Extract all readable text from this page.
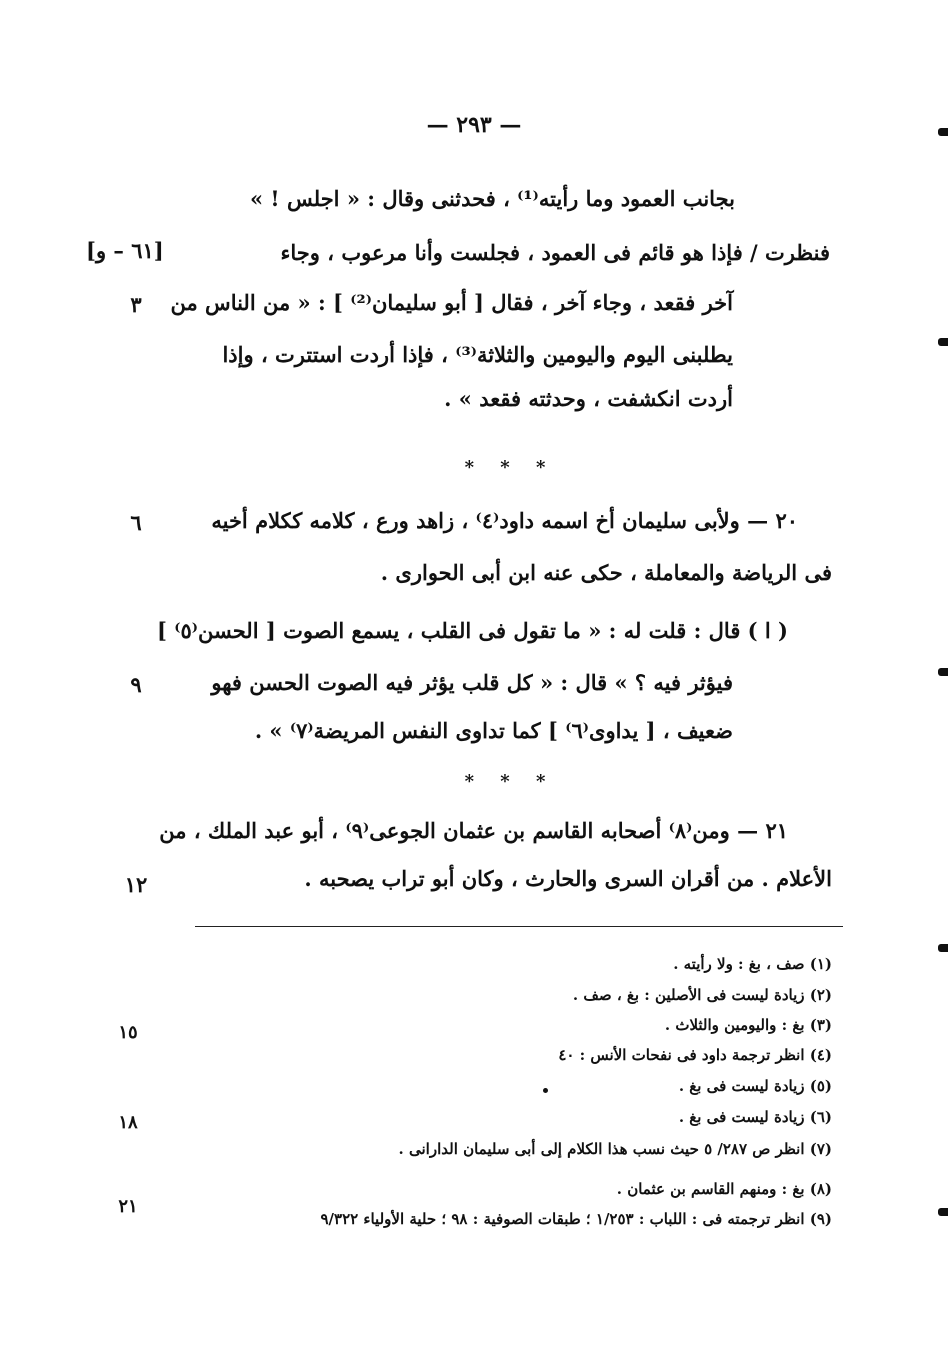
— ٢٩٣ —
بجانب العمود وما رأيته⁽¹⁾ ، فحدثنى وقال : « اجلس ! »
فنظرت / فإذا هو قائم فى العمود ، فجلست وأنا مرعوب ، وجاء
[٦١ – و]
آخر فقعد ، وجاء آخر ، فقال [ أبو سليمان⁽²⁾ ] : « من الناس من
٣
يطلبنى اليوم واليومين والثلاثة⁽³⁾ ، فإذا أردت استترت ، وإذا
أردت انكشفت ، وحدثته فقعد » .
* * *
٢٠ — ولأبى سليمان أخ اسمه داود⁽٤⁾ ، زاهد ورع ، كلامه ككلام أخيه
٦
فى الرياضة والمعاملة ، حكى عنه ابن أبى الحوارى .
( ا ) قال : قلت له : « ما تقول فى القلب ، يسمع الصوت [ الحسن⁽٥⁾ ]
فيؤثر فيه ؟ » قال : « كل قلب يؤثر فيه الصوت الحسن فهو
٩
ضعيف ، [ يداوى⁽٦⁾ ] كما تداوى النفس المريضة⁽٧⁾ » .
* * *
٢١ — ومن⁽٨⁾ أصحابه القاسم بن عثمان الجوعى⁽٩⁾ ، أبو عبد الملك ، من
الأعلام . من أقران السرى والحارث ، وكان أبو تراب يصحبه .
١٢
(١) صف ، بغ : ولا رأيته .
(٢) زيادة ليست فى الأصلين : بغ ، صف .
(٣) بغ : واليومين والثلاث .
١٥
(٤) انظر ترجمة داود فى نفحات الأنس : ٤٠
(٥) زيادة ليست فى بغ .
(٦) زيادة ليست فى بغ .
١٨
(٧) انظر ص ٢٨٧/ ٥ حيث نسب هذا الكلام إلى أبى سليمان الدارانى .
(٨) بغ : ومنهم القاسم بن عثمان .
٢١
(٩) انظر ترجمته فى : اللباب : ١/٢٥٣ ؛ طبقات الصوفية : ٩٨ ؛ حلية الأولياء ٩/٣٢٢
